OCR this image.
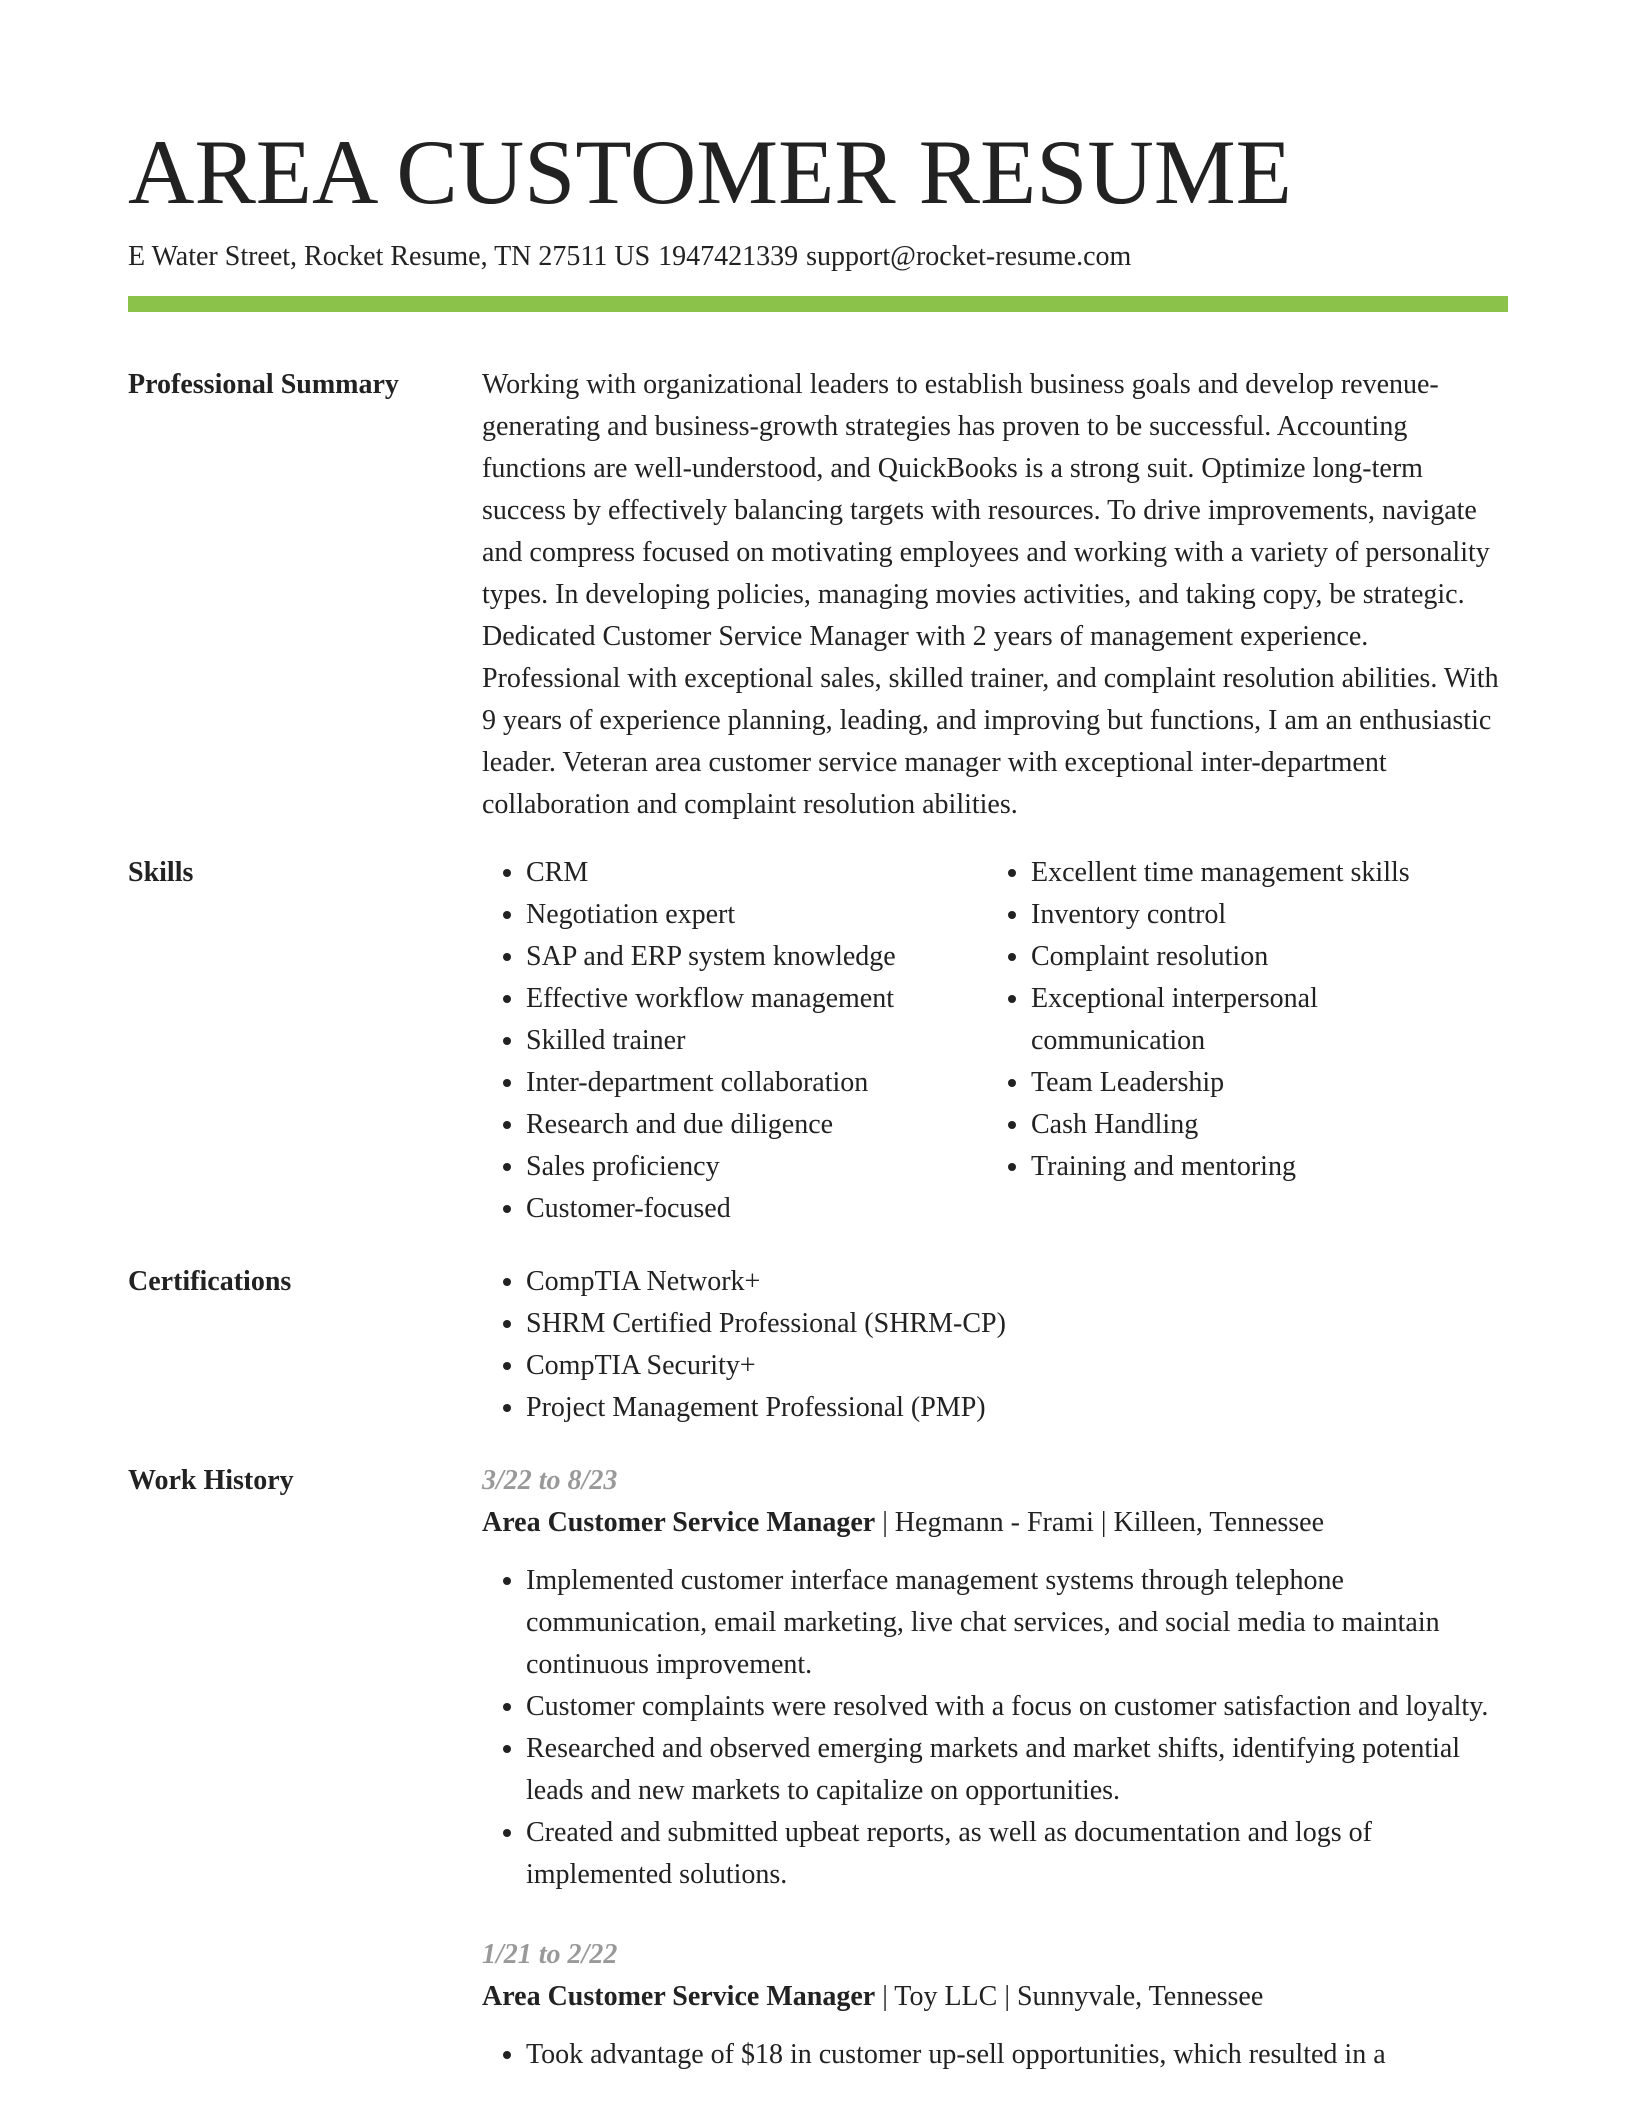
AREA CUSTOMER RESUME
E Water Street, Rocket Resume, TN 27511 US 1947421339 support@rocket-resume.com
Professional Summary	Working with organizational leaders to establish business goals and develop revenue-generating and business-growth strategies has proven to be successful. Accounting functions are well-understood, and QuickBooks is a strong suit. Optimize long-term success by effectively balancing targets with resources. To drive improvements, navigate and compress focused on motivating employees and working with a variety of personality types. In developing policies, managing movies activities, and taking copy, be strategic. Dedicated Customer Service Manager with 2 years of management experience. Professional with exceptional sales, skilled trainer, and complaint resolution abilities. With 9 years of experience planning, leading, and improving but functions, I am an enthusiastic leader. Veteran area customer service manager with exceptional inter-department collaboration and complaint resolution abilities.

Skills	• CRM
• Negotiation expert
• SAP and ERP system knowledge
• Effective workflow management
• Skilled trainer
• Inter-department collaboration
• Research and due diligence
• Sales proficiency
• Customer-focused
• Excellent time management skills
• Inventory control
• Complaint resolution
• Exceptional interpersonal communication
• Team Leadership
• Cash Handling
• Training and mentoring
Certifications	• CompTIA Network+
• SHRM Certified Professional (SHRM-CP)
• CompTIA Security+
• Project Management Professional (PMP)
Work History	3/22 to 8/23
Area Customer Service Manager | Hegmann - Frami | Killeen, Tennessee
• Implemented customer interface management systems through telephone communication, email marketing, live chat services, and social media to maintain continuous improvement.
• Customer complaints were resolved with a focus on customer satisfaction and loyalty.
• Researched and observed emerging markets and market shifts, identifying potential leads and new markets to capitalize on opportunities.
• Created and submitted upbeat reports, as well as documentation and logs of implemented solutions.
1/21 to 2/22
Area Customer Service Manager | Toy LLC | Sunnyvale, Tennessee
• Took advantage of $18 in customer up-sell opportunities, which resulted in a
